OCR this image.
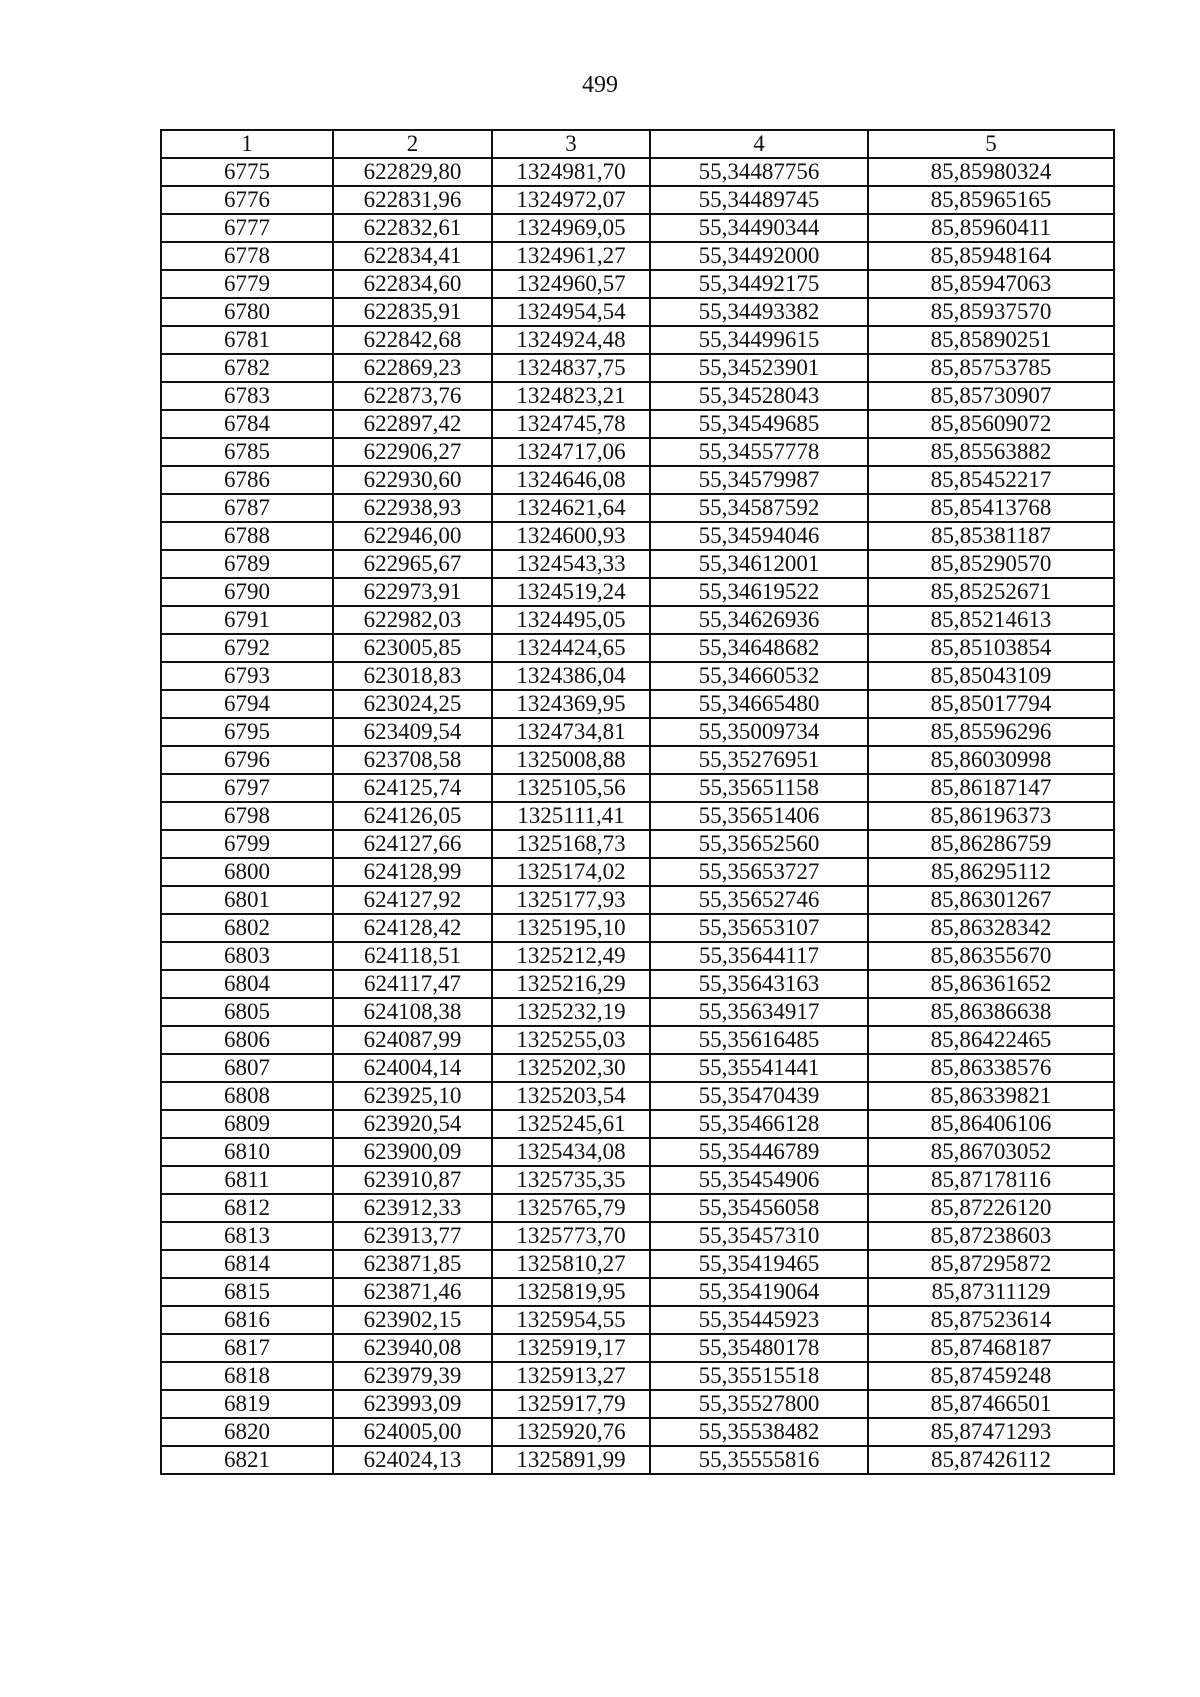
499
1	2	3	4	5
6775	622829,80	1324981,70	55,34487756	85,85980324
6776	622831,96	1324972,07	55,34489745	85,85965165
6777	622832,61	1324969,05	55,34490344	85,85960411
6778	622834,41	1324961,27	55,34492000	85,85948164
6779	622834,60	1324960,57	55,34492175	85,85947063
6780	622835,91	1324954,54	55,34493382	85,85937570
6781	622842,68	1324924,48	55,34499615	85,85890251
6782	622869,23	1324837,75	55,34523901	85,85753785
6783	622873,76	1324823,21	55,34528043	85,85730907
6784	622897,42	1324745,78	55,34549685	85,85609072
6785	622906,27	1324717,06	55,34557778	85,85563882
6786	622930,60	1324646,08	55,34579987	85,85452217
6787	622938,93	1324621,64	55,34587592	85,85413768
6788	622946,00	1324600,93	55,34594046	85,85381187
6789	622965,67	1324543,33	55,34612001	85,85290570
6790	622973,91	1324519,24	55,34619522	85,85252671
6791	622982,03	1324495,05	55,34626936	85,85214613
6792	623005,85	1324424,65	55,34648682	85,85103854
6793	623018,83	1324386,04	55,34660532	85,85043109
6794	623024,25	1324369,95	55,34665480	85,85017794
6795	623409,54	1324734,81	55,35009734	85,85596296
6796	623708,58	1325008,88	55,35276951	85,86030998
6797	624125,74	1325105,56	55,35651158	85,86187147
6798	624126,05	1325111,41	55,35651406	85,86196373
6799	624127,66	1325168,73	55,35652560	85,86286759
6800	624128,99	1325174,02	55,35653727	85,86295112
6801	624127,92	1325177,93	55,35652746	85,86301267
6802	624128,42	1325195,10	55,35653107	85,86328342
6803	624118,51	1325212,49	55,35644117	85,86355670
6804	624117,47	1325216,29	55,35643163	85,86361652
6805	624108,38	1325232,19	55,35634917	85,86386638
6806	624087,99	1325255,03	55,35616485	85,86422465
6807	624004,14	1325202,30	55,35541441	85,86338576
6808	623925,10	1325203,54	55,35470439	85,86339821
6809	623920,54	1325245,61	55,35466128	85,86406106
6810	623900,09	1325434,08	55,35446789	85,86703052
6811	623910,87	1325735,35	55,35454906	85,87178116
6812	623912,33	1325765,79	55,35456058	85,87226120
6813	623913,77	1325773,70	55,35457310	85,87238603
6814	623871,85	1325810,27	55,35419465	85,87295872
6815	623871,46	1325819,95	55,35419064	85,87311129
6816	623902,15	1325954,55	55,35445923	85,87523614
6817	623940,08	1325919,17	55,35480178	85,87468187
6818	623979,39	1325913,27	55,35515518	85,87459248
6819	623993,09	1325917,79	55,35527800	85,87466501
6820	624005,00	1325920,76	55,35538482	85,87471293
6821	624024,13	1325891,99	55,35555816	85,87426112
